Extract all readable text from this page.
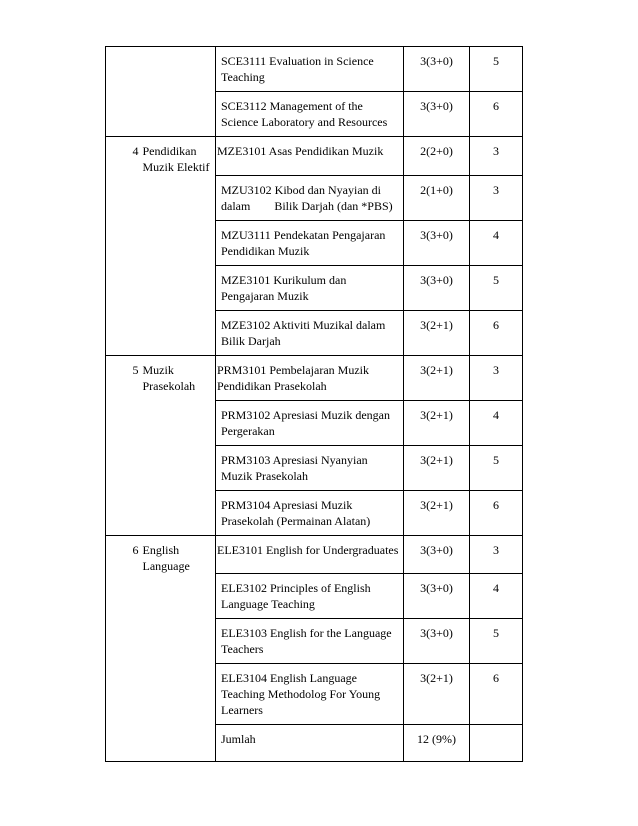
		SCE3111 Evaluation in Science Teaching	3(3+0)	5
		SCE3112 Management of the Science Laboratory and Resources	3(3+0)	6
4	Pendidikan Muzik Elektif	MZE3101 Asas Pendidikan Muzik	2(2+0)	3
		MZU3102 Kibod dan Nyayian di dalam        Bilik Darjah (dan *PBS)	2(1+0)	3
		MZU3111 Pendekatan Pengajaran Pendidikan Muzik	3(3+0)	4
		MZE3101 Kurikulum dan Pengajaran Muzik	3(3+0)	5
		MZE3102 Aktiviti Muzikal dalam Bilik Darjah	3(2+1)	6
5	Muzik Prasekolah	PRM3101 Pembelajaran Muzik Pendidikan Prasekolah	3(2+1)	3
		PRM3102 Apresiasi Muzik dengan Pergerakan	3(2+1)	4
		PRM3103 Apresiasi Nyanyian Muzik Prasekolah	3(2+1)	5
		PRM3104 Apresiasi Muzik Prasekolah (Permainan Alatan)	3(2+1)	6
6	English Language	ELE3101 English for Undergraduates	3(3+0)	3
		ELE3102 Principles of English Language Teaching	3(3+0)	4
		ELE3103 English for the Language Teachers	3(3+0)	5
		ELE3104 English Language Teaching Methodolog For Young Learners	3(2+1)	6
		Jumlah	12 (9%)	
